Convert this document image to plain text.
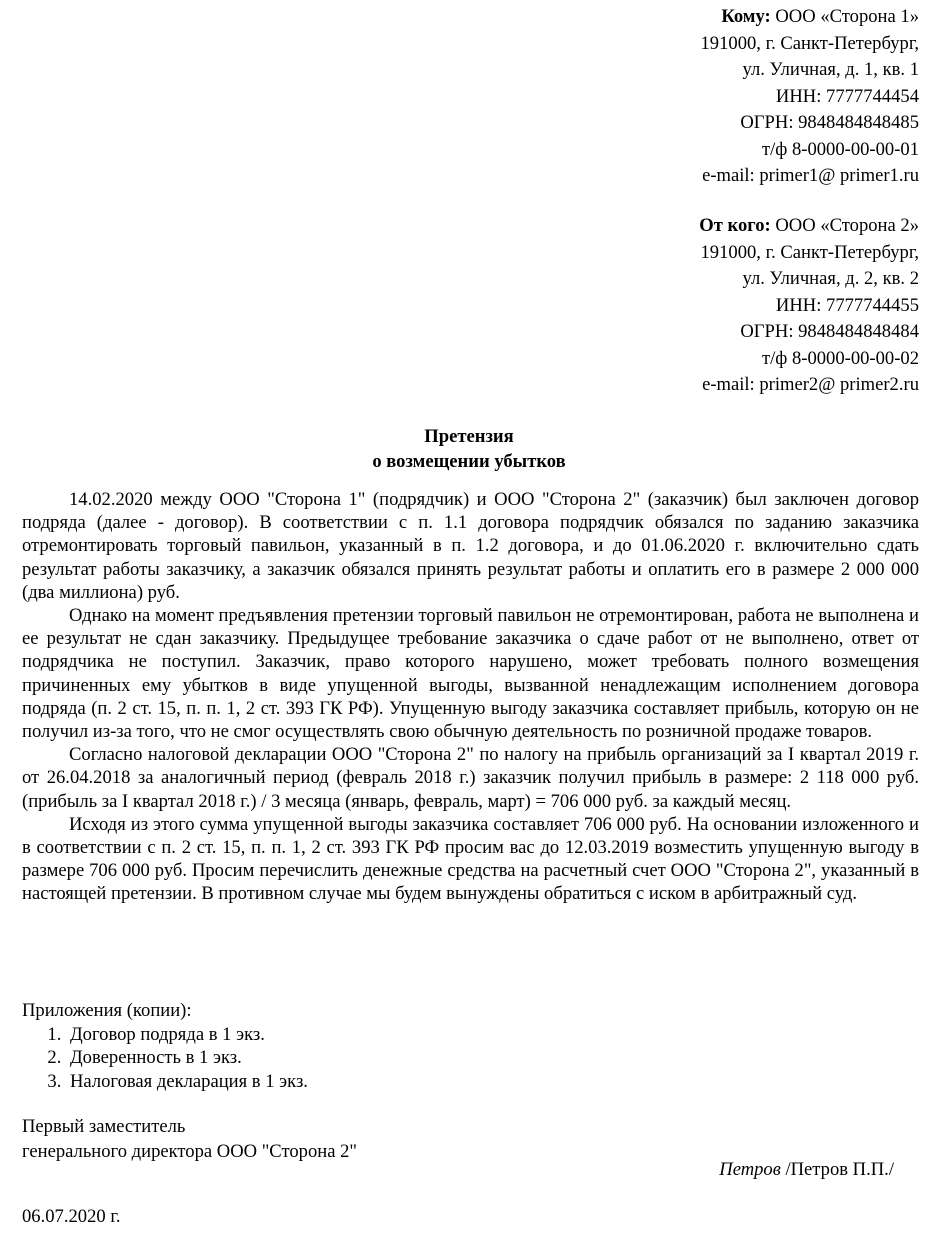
Кому: ООО «Сторона 1»
191000, г. Санкт-Петербург,
ул. Уличная, д. 1, кв. 1
ИНН: 7777744454
ОГРН: 9848484848485
т/ф 8-0000-00-00-01
e-mail: primer1@ primer1.ru
От кого: ООО «Сторона 2»
191000, г. Санкт-Петербург,
ул. Уличная, д. 2, кв. 2
ИНН: 7777744455
ОГРН: 9848484848484
т/ф 8-0000-00-00-02
e-mail: primer2@ primer2.ru
Претензия
о возмещении убытков

14.02.2020 между ООО "Сторона 1" (подрядчик) и ООО "Сторона 2" (заказчик) был заключен договор подряда (далее - договор). В соответствии с п. 1.1 договора подрядчик обязался по заданию заказчика отремонтировать торговый павильон, указанный в п. 1.2 договора, и до 01.06.2020 г. включительно сдать результат работы заказчику, а заказчик обязался принять результат работы и оплатить его в размере 2 000 000 (два миллиона) руб.

Однако на момент предъявления претензии торговый павильон не отремонтирован, работа не выполнена и ее результат не сдан заказчику. Предыдущее требование заказчика о сдаче работ от не выполнено, ответ от подрядчика не поступил. Заказчик, право которого нарушено, может требовать полного возмещения причиненных ему убытков в виде упущенной выгоды, вызванной ненадлежащим исполнением договора подряда (п. 2 ст. 15, п. п. 1, 2 ст. 393 ГК РФ). Упущенную выгоду заказчика составляет прибыль, которую он не получил из-за того, что не смог осуществлять свою обычную деятельность по розничной продаже товаров.

Согласно налоговой декларации ООО "Сторона 2" по налогу на прибыль организаций за I квартал 2019 г. от 26.04.2018 за аналогичный период (февраль 2018 г.) заказчик получил прибыль в размере: 2 118 000 руб. (прибыль за I квартал 2018 г.) / 3 месяца (январь, февраль, март) = 706 000 руб. за каждый месяц.

Исходя из этого сумма упущенной выгоды заказчика составляет 706 000 руб. На основании изложенного и в соответствии с п. 2 ст. 15, п. п. 1, 2 ст. 393 ГК РФ просим вас до 12.03.2019 возместить упущенную выгоду в размере 706 000 руб. Просим перечислить денежные средства на расчетный счет ООО "Сторона 2", указанный в настоящей претензии. В противном случае мы будем вынуждены обратиться с иском в арбитражный суд.

Приложения (копии):
1. Договор подряда в 1 экз.
2. Доверенность в 1 экз.
3. Налоговая декларация в 1 экз.
Первый заместитель
генерального директора ООО "Сторона 2"
Петров /Петров П.П./
06.07.2020 г.
